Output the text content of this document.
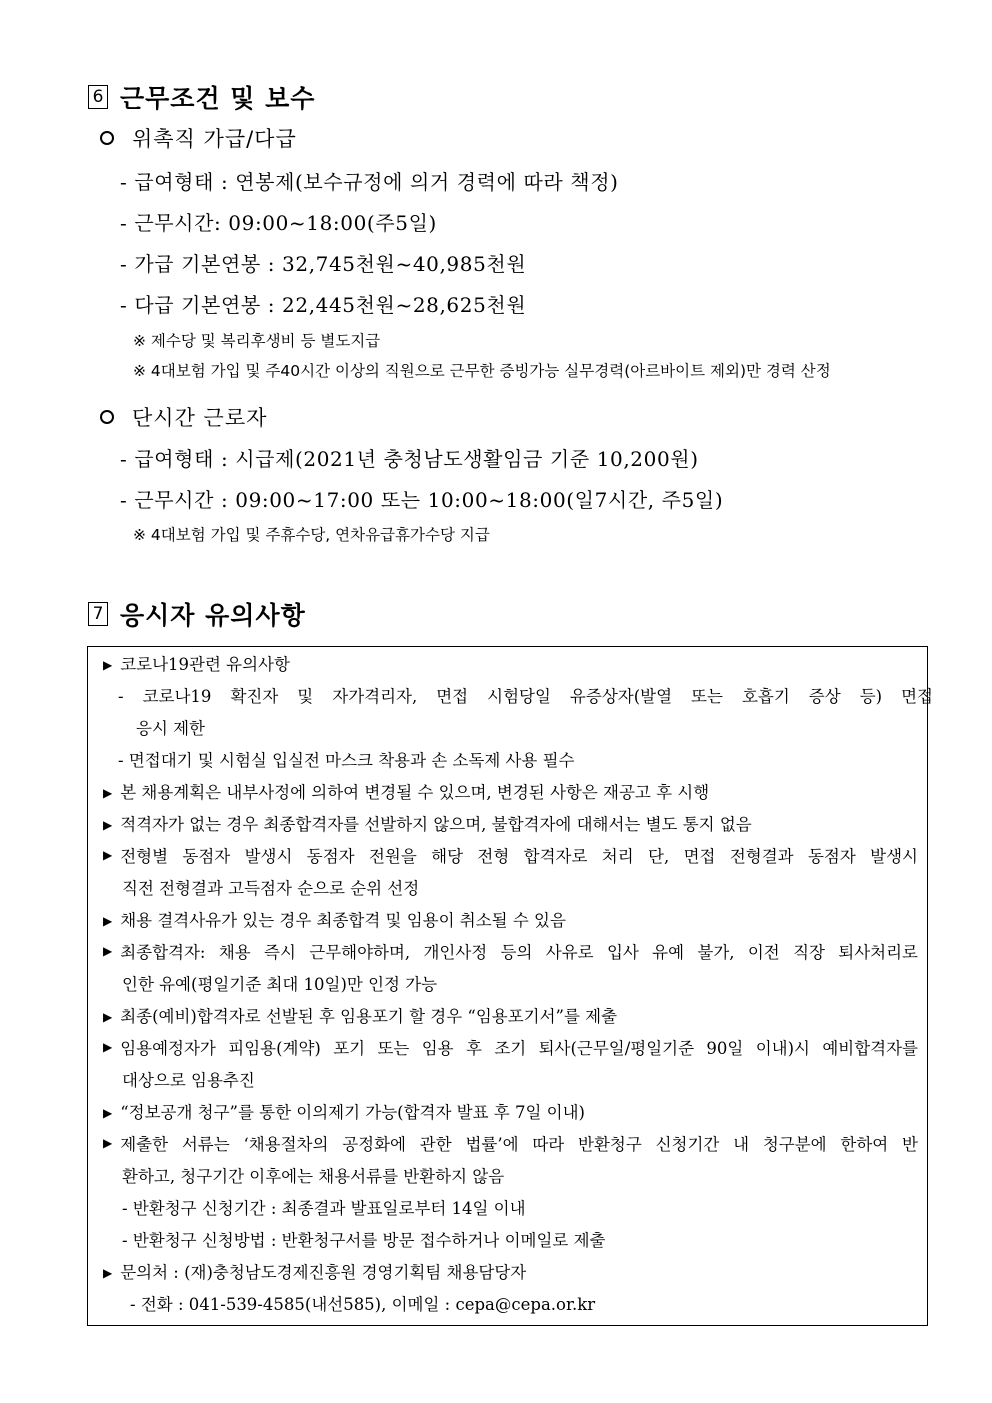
6 근무조건 및 보수
위촉직 가급/다급
- 급여형태 : 연봉제(보수규정에 의거 경력에 따라 책정)
- 근무시간: 09:00~18:00(주5일)
- 가급 기본연봉 : 32,745천원~40,985천원
- 다급 기본연봉 : 22,445천원~28,625천원
※ 제수당 및 복리후생비 등 별도지급
※ 4대보험 가입 및 주40시간 이상의 직원으로 근무한 증빙가능 실무경력(아르바이트 제외)만 경력 산정
단시간 근로자
- 급여형태 : 시급제(2021년 충청남도생활임금 기준 10,200원)
- 근무시간 : 09:00~17:00 또는 10:00~18:00(일7시간, 주5일)
※ 4대보험 가입 및 주휴수당, 연차유급휴가수당 지급
7 응시자 유의사항
▶ 코로나19관련 유의사항
- 코로나19 확진자 및 자가격리자, 면접 시험당일 유증상자(발열 또는 호흡기 증상 등) 면접
응시 제한
- 면접대기 및 시험실 입실전 마스크 착용과 손 소독제 사용 필수
▶ 본 채용계획은 내부사정에 의하여 변경될 수 있으며, 변경된 사항은 재공고 후 시행
▶ 적격자가 없는 경우 최종합격자를 선발하지 않으며, 불합격자에 대해서는 별도 통지 없음
▶ 전형별 동점자 발생시 동점자 전원을 해당 전형 합격자로 처리 단, 면접 전형결과 동점자 발생시
직전 전형결과 고득점자 순으로 순위 선정
▶ 채용 결격사유가 있는 경우 최종합격 및 임용이 취소될 수 있음
▶ 최종합격자: 채용 즉시 근무해야하며, 개인사정 등의 사유로 입사 유예 불가, 이전 직장 퇴사처리로
인한 유예(평일기준 최대 10일)만 인정 가능
▶ 최종(예비)합격자로 선발된 후 임용포기 할 경우 “임용포기서”를 제출
▶ 임용예정자가 피임용(계약) 포기 또는 임용 후 조기 퇴사(근무일/평일기준 90일 이내)시 예비합격자를
대상으로 임용추진
▶ “정보공개 청구”를 통한 이의제기 가능(합격자 발표 후 7일 이내)
▶ 제출한 서류는 ‘채용절차의 공정화에 관한 법률’에 따라 반환청구 신청기간 내 청구분에 한하여 반
환하고, 청구기간 이후에는 채용서류를 반환하지 않음
- 반환청구 신청기간 : 최종결과 발표일로부터 14일 이내
- 반환청구 신청방법 : 반환청구서를 방문 접수하거나 이메일로 제출
▶ 문의처 : (재)충청남도경제진흥원 경영기획팀 채용담당자
- 전화 : 041-539-4585(내선585), 이메일 : cepa@cepa.or.kr
